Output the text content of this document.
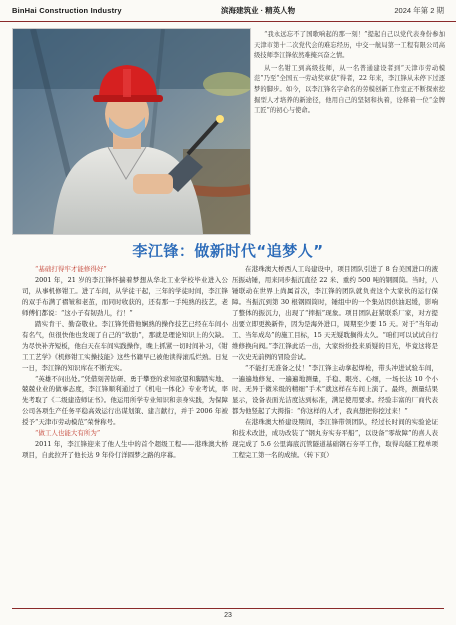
BinHai Construction Industry	滨海建筑业 · 精英人物	2024 年第 2 期

“我永远忘不了国歌响起的那一刻！”提起自己以党代表身份参加天津市第十二次党代会的难忘经历，中交一航局第一工程有限公司高级技师李江锋依然难掩兴奋之情。

从一名钳工到高级技师，从一名普通建设者到“天津市劳动模范”乃至“全国五一劳动奖章获”得者，22 年来，李江锋从未停下过逐梦的脚步。如今，以李江锋名字命名的劳模创新工作室正不断探索挖掘型人才培养的新途径，他用自己的坚韧和执着，诠释着一位“金牌工匠”的初心与使命。

李江锋：做新时代“追梦人”

“基础打得牢才能修得好”

2001 年，21 岁的李江锋怀揣着梦想从华北工业学校毕业进入公司，从事机修钳工。进了车间，从学徒干起，三年的学徒时间，李江锋的双手布满了褶皱和老茧，而同时收获的，还有那一手纯熟的技艺，老师傅们都说：“这小子有韧劲儿，行！”

踏实肯干、勤奋敬业。李江锋凭借他娴熟的操作技艺已经在车间小有名气，但很快他也发现了自己的“软肋”，那就是理论知识上的欠缺。为尽快补齐短板，他白天在车间实践操作，晚上抓紧一切时间补习，《钳工工艺学》《机修钳工实操技能》这些书籍早已被他读得滚瓜烂熟。日复一日，李江锋的知识库在不断充实。

“英雄不问出处。”凭借刻苦钻研、勇于攀登的求知欲望和脚踏实地、兢兢业业的做事态度，李江锋顺利通过了《机电一体化》专业考试，率先考取了《二级建造师证书》。他运用所学专业知识和亲身实践，为保障公司各项生产任务平稳高效运行出谋划策、建言献行，并于 2006 年被授予“天津市劳动模范”荣誉称号。

“做工人也能大有所为”

2011 年，李江锋迎来了他人生中的首个超级工程——港珠澳大桥项目，自此拉开了他长达 9 年伶仃洋圆梦之路的序幕。

在港珠澳大桥西人工岛建设中，项目团队引进了 8 台美国进口的液压振动锤，用来同步振沉直径 22 米、重约 500 吨的钢圆筒。当时，八锤联动在世界上尚属首次，李江锋的团队就负责这个大家伙的运行保障。当振沉到第 30 根钢圆筒时，锤组中的一个集站因供油迟缓，影响了整体的振沉力，出现了“摔振”现象。项目团队赶紧联系厂家，对方提出要立即更换新件，因为是海外进口，周期至少要 15 天。对于“当年动工、当年成岛”的施工目标，15 天无疑耽搁得太久。“咱们可以试试自行维修换向阀。”李江锋此话一出，大家纷纷投来质疑的目光，毕竟这将是一次史无前例的冒险尝试。

“不能打无准备之仗！”李江锋主动拿起焊枪，带头冲进试验车间，一遍遍地修复、一遍遍地测量，手稳、眼亮、心细，一场长达 10 个小时、无异于微米级的精细“手术”就这样在车间上演了。最终，测量结果显示，设备表面光洁度达到标准，满足使用要求。经验丰富的厂商代表都为他竖起了大拇指：“你这样的人才，我真想把你挖过来！”

在港珠澳大桥建设期间，李江锋带领团队，经过长时间的实验论证和技术改进，成功改装了“钢丸夯实夯平船”，以设备“零故障”的喜人表现完成了 5.6 公里海底沉管隧道基础钢石夯平工作，取得岛隧工程单项工程完工第一名的成绩。（转下页）

23
